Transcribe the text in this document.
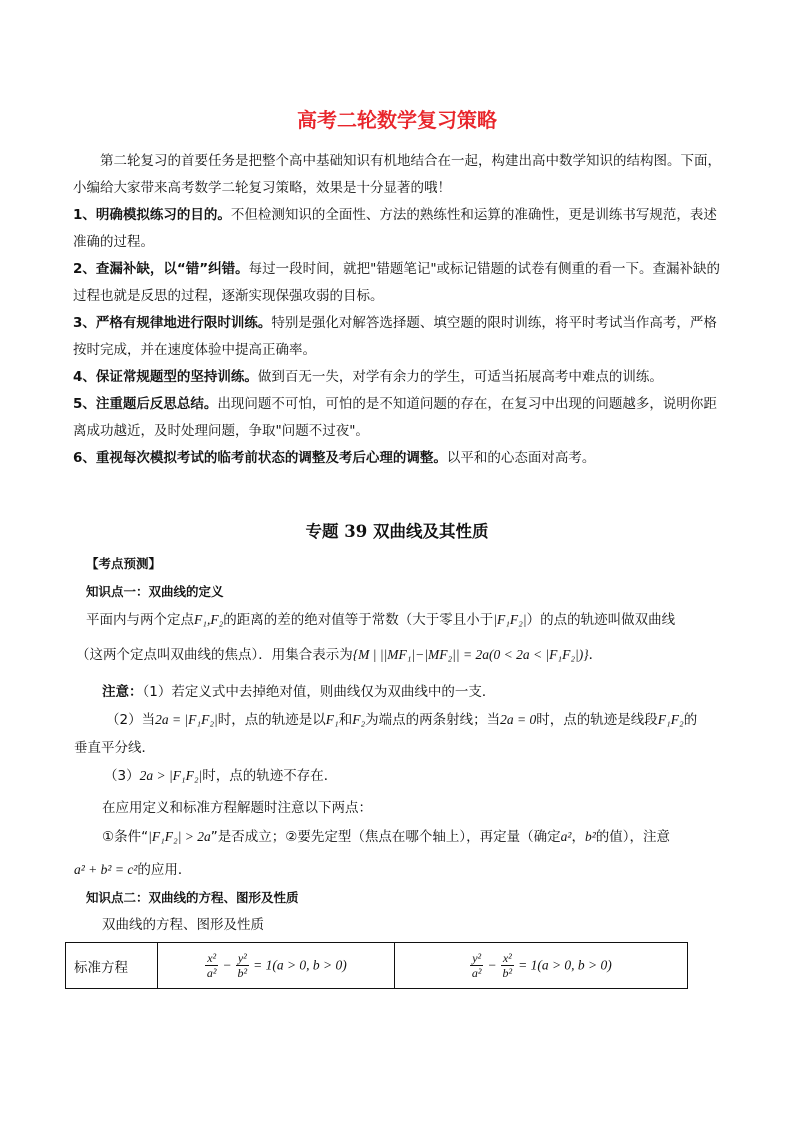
高考二轮数学复习策略
第二轮复习的首要任务是把整个高中基础知识有机地结合在一起，构建出高中数学知识的结构图。下面，小编给大家带来高考数学二轮复习策略，效果是十分显著的哦！
1、明确模拟练习的目的。不但检测知识的全面性、方法的熟练性和运算的准确性，更是训练书写规范，表述准确的过程。
2、查漏补缺，以“错”纠错。每过一段时间，就把"错题笔记"或标记错题的试卷有侧重的看一下。查漏补缺的过程也就是反思的过程，逐渐实现保强攻弱的目标。
3、严格有规律地进行限时训练。特别是强化对解答选择题、填空题的限时训练，将平时考试当作高考，严格按时完成，并在速度体验中提高正确率。
4、保证常规题型的坚持训练。做到百无一失，对学有余力的学生，可适当拓展高考中难点的训练。
5、注重题后反思总结。出现问题不可怕，可怕的是不知道问题的存在，在复习中出现的问题越多，说明你距离成功越近，及时处理问题，争取"问题不过夜"。
6、重视每次模拟考试的临考前状态的调整及考后心理的调整。以平和的心态面对高考。
专题 39 双曲线及其性质
【考点预测】
知识点一：双曲线的定义
平面内与两个定点F₁,F₂的距离的差的绝对值等于常数（大于零且小于|F₁F₂|）的点的轨迹叫做双曲线
（这两个定点叫双曲线的焦点）．用集合表示为{M | ||MF₁|−|MF₂|| = 2a(0 < 2a < |F₁F₂|)}．
注意：（1）若定义式中去掉绝对值，则曲线仅为双曲线中的一支．
（2）当2a = |F₁F₂|时，点的轨迹是以F₁和F₂为端点的两条射线；当2a = 0时，点的轨迹是线段F₁F₂的
垂直平分线．
（3）2a > |F₁F₂|时，点的轨迹不存在．
在应用定义和标准方程解题时注意以下两点：
①条件“|F₁F₂| > 2a”是否成立；②要先定型（焦点在哪个轴上），再定量（确定a²，b²的值），注意
a² + b² = c²的应用．
知识点二：双曲线的方程、图形及性质
双曲线的方程、图形及性质
标准方程	$\frac{\text{x²}}{\text{a²}} - \frac{\text{y²}}{\text{b²}} = 1(a > 0$, b > 0)	$\frac{\text{y²}}{\text{a²}} - \frac{\text{x²}}{\text{b²}} = 1(a > 0$, b > 0)
